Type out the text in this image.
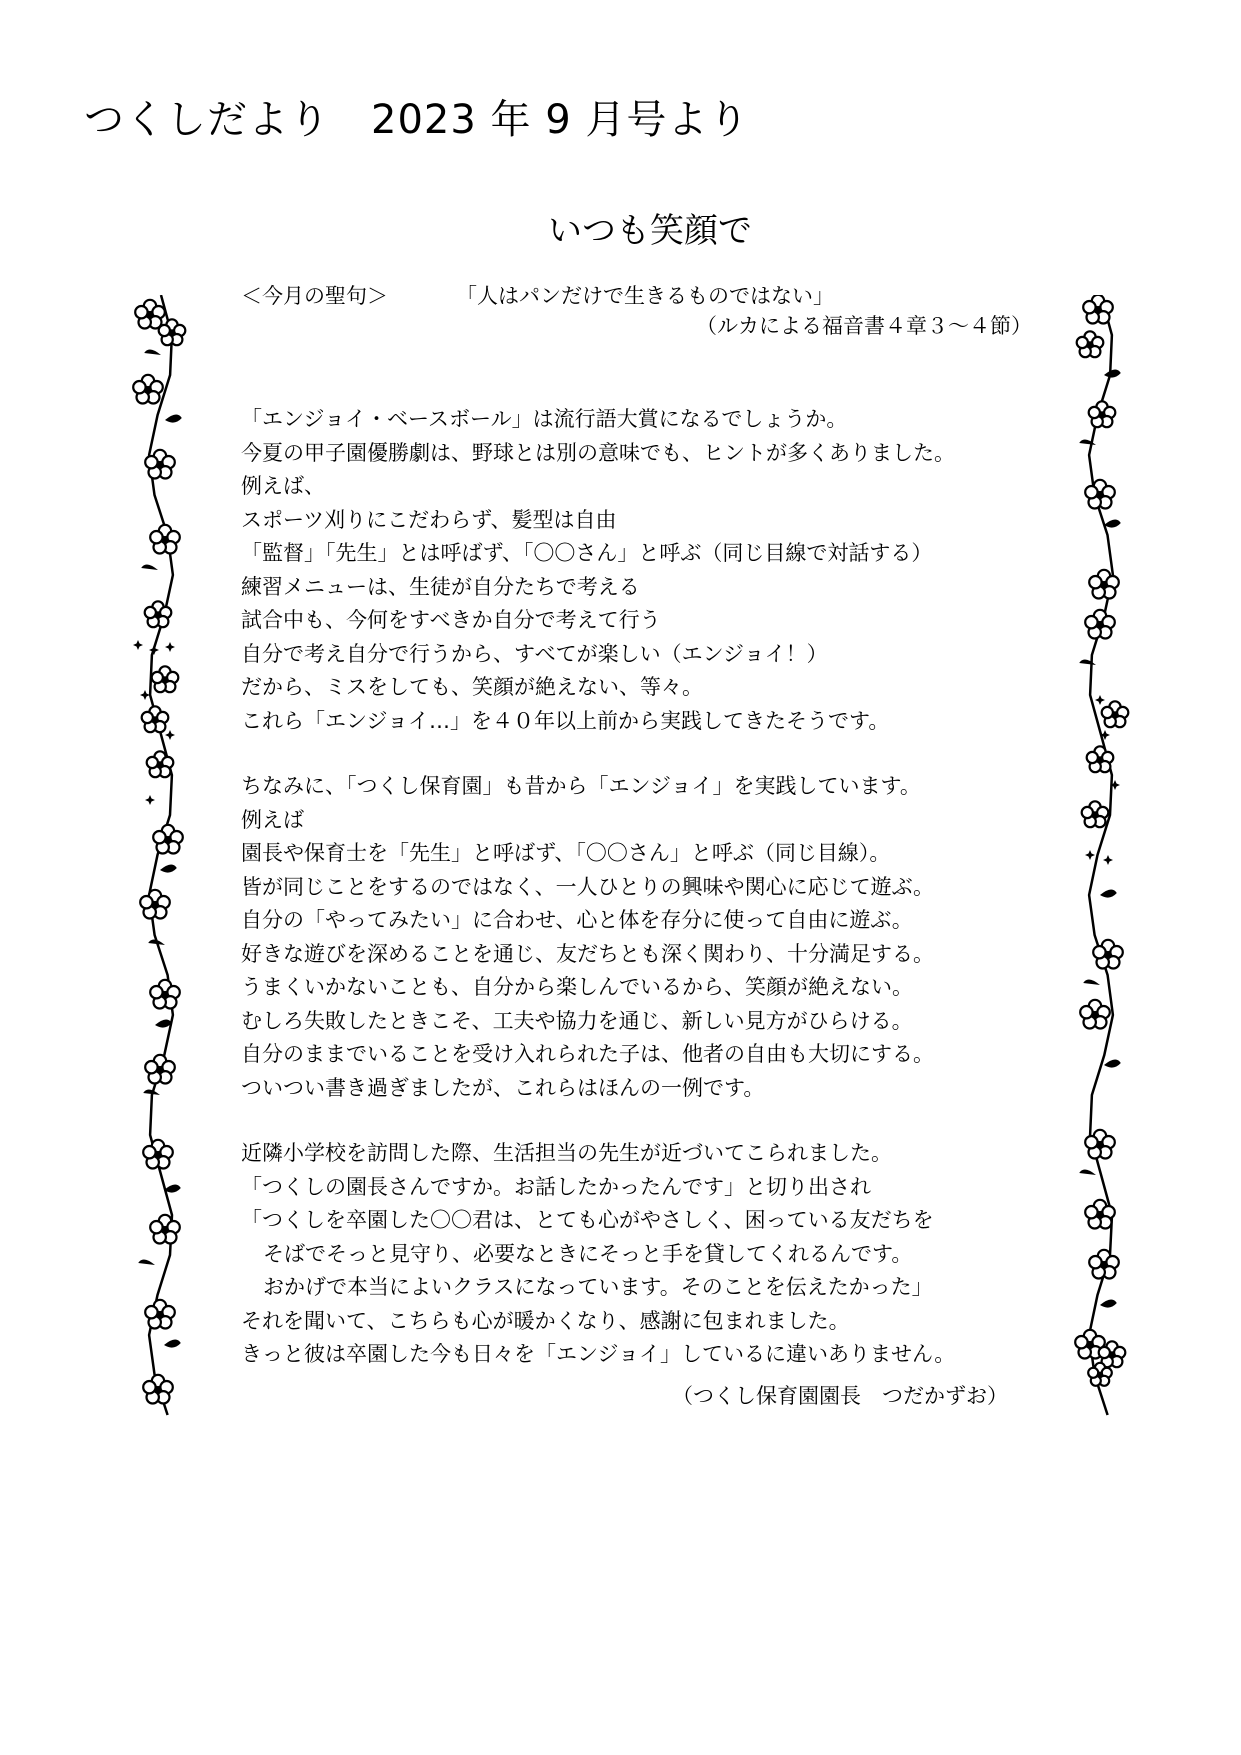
つくしだより　2023 年 9 月号より
いつも笑顔で
＜今月の聖句＞	「人はパンだけで生きるものではない」
（ルカによる福音書４章３～４節）
「エンジョイ・ベースボール」は流行語大賞になるでしょうか。
今夏の甲子園優勝劇は、野球とは別の意味でも、ヒントが多くありました。
例えば、
スポーツ刈りにこだわらず、髪型は自由
「監督」「先生」とは呼ばず、「〇〇さん」と呼ぶ（同じ目線で対話する）
練習メニューは、生徒が自分たちで考える
試合中も、今何をすべきか自分で考えて行う
自分で考え自分で行うから、すべてが楽しい（エンジョイ！）
だから、ミスをしても、笑顔が絶えない、等々。
これら「エンジョイ…」を４０年以上前から実践してきたそうです。
ちなみに、「つくし保育園」も昔から「エンジョイ」を実践しています。
例えば
園長や保育士を「先生」と呼ばず、「〇〇さん」と呼ぶ（同じ目線）。
皆が同じことをするのではなく、一人ひとりの興味や関心に応じて遊ぶ。
自分の「やってみたい」に合わせ、心と体を存分に使って自由に遊ぶ。
好きな遊びを深めることを通じ、友だちとも深く関わり、十分満足する。
うまくいかないことも、自分から楽しんでいるから、笑顔が絶えない。
むしろ失敗したときこそ、工夫や協力を通じ、新しい見方がひらける。
自分のままでいることを受け入れられた子は、他者の自由も大切にする。
ついつい書き過ぎましたが、これらはほんの一例です。
近隣小学校を訪問した際、生活担当の先生が近づいてこられました。
「つくしの園長さんですか。お話したかったんです」と切り出され
「つくしを卒園した〇〇君は、とても心がやさしく、困っている友だちを
そばでそっと見守り、必要なときにそっと手を貸してくれるんです。
おかげで本当によいクラスになっています。そのことを伝えたかった」
それを聞いて、こちらも心が暖かくなり、感謝に包まれました。
きっと彼は卒園した今も日々を「エンジョイ」しているに違いありません。
（つくし保育園園長　つだかずお）
